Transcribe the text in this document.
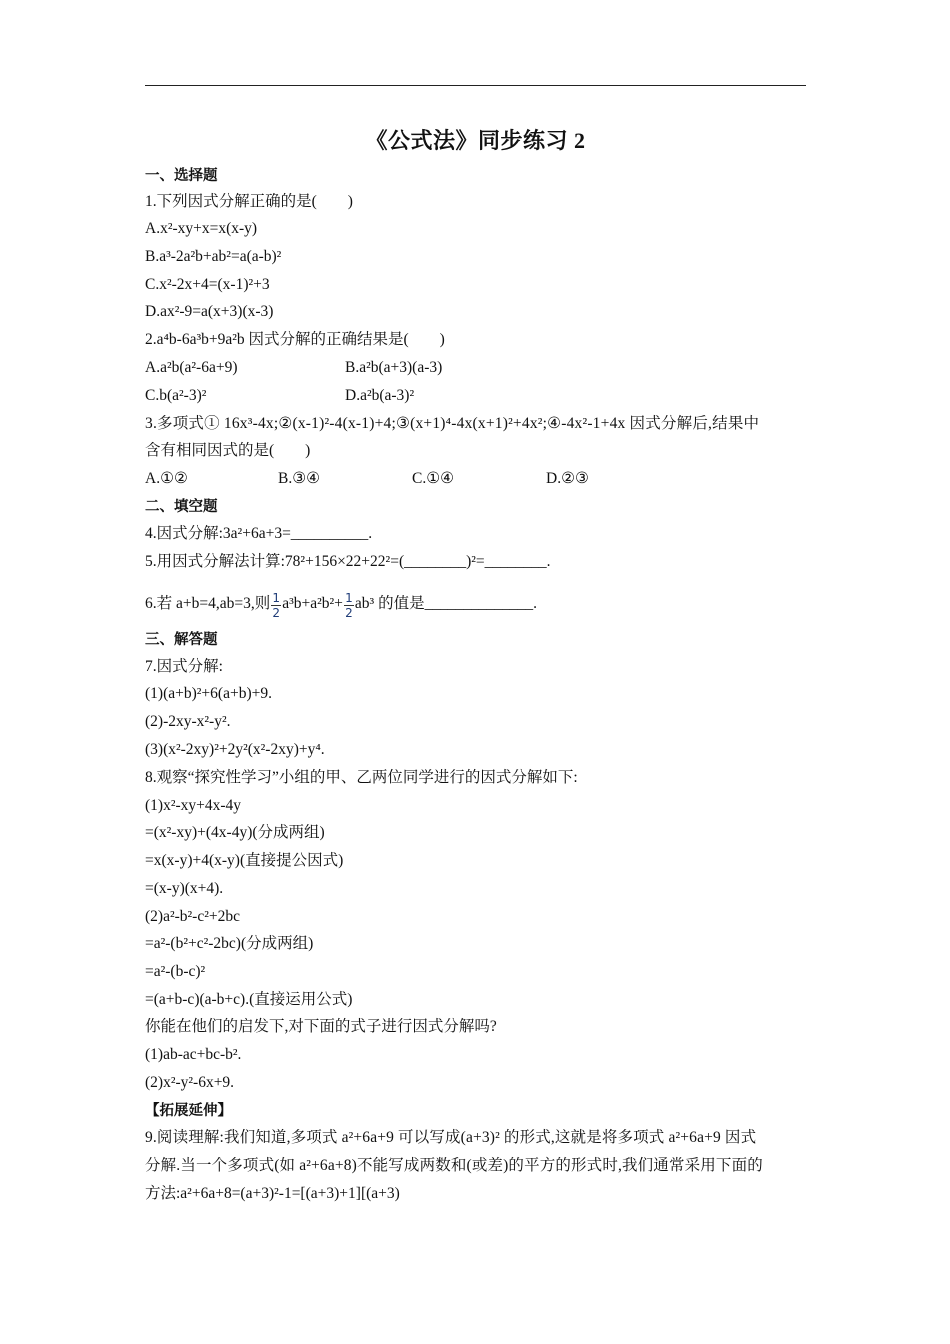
《公式法》同步练习 2
一、选择题
1.下列因式分解正确的是(　　)
A.x²-xy+x=x(x-y)
B.a³-2a²b+ab²=a(a-b)²
C.x²-2x+4=(x-1)²+3
D.ax²-9=a(x+3)(x-3)
2.a⁴b-6a³b+9a²b 因式分解的正确结果是(　　)
A.a²b(a²-6a+9)	B.a²b(a+3)(a-3)
C.b(a²-3)²	D.a²b(a-3)²
3.多项式① 16x³-4x;②(x-1)²-4(x-1)+4;③(x+1)⁴-4x(x+1)²+4x²;④-4x²-1+4x 因式分解后,结果中
含有相同因式的是(　　)
A.①②	B.③④	C.①④	D.②③
二、填空题
4.因式分解:3a²+6a+3=__________.
5.用因式分解法计算:78²+156×22+22²=(________)²=________.
6.若 a+b=4,ab=3,则 $\frac{1}{2} a^3b+a^2b^2+ \frac{1}{2} ab^3$ 的值是______________.
三、解答题
7.因式分解:
(1)(a+b)²+6(a+b)+9.
(2)-2xy-x²-y².
(3)(x²-2xy)²+2y²(x²-2xy)+y⁴.
8.观察“探究性学习”小组的甲、乙两位同学进行的因式分解如下:
(1)x²-xy+4x-4y
=(x²-xy)+(4x-4y)(分成两组)
=x(x-y)+4(x-y)(直接提公因式)
=(x-y)(x+4).
(2)a²-b²-c²+2bc
=a²-(b²+c²-2bc)(分成两组)
=a²-(b-c)²
=(a+b-c)(a-b+c).(直接运用公式)
你能在他们的启发下,对下面的式子进行因式分解吗?
(1)ab-ac+bc-b².
(2)x²-y²-6x+9.
【拓展延伸】
9.阅读理解:我们知道,多项式 a²+6a+9 可以写成(a+3)² 的形式,这就是将多项式 a²+6a+9 因式
分解.当一个多项式(如 a²+6a+8)不能写成两数和(或差)的平方的形式时,我们通常采用下面的
方法:a²+6a+8=(a+3)²-1=[(a+3)+1][(a+3)
